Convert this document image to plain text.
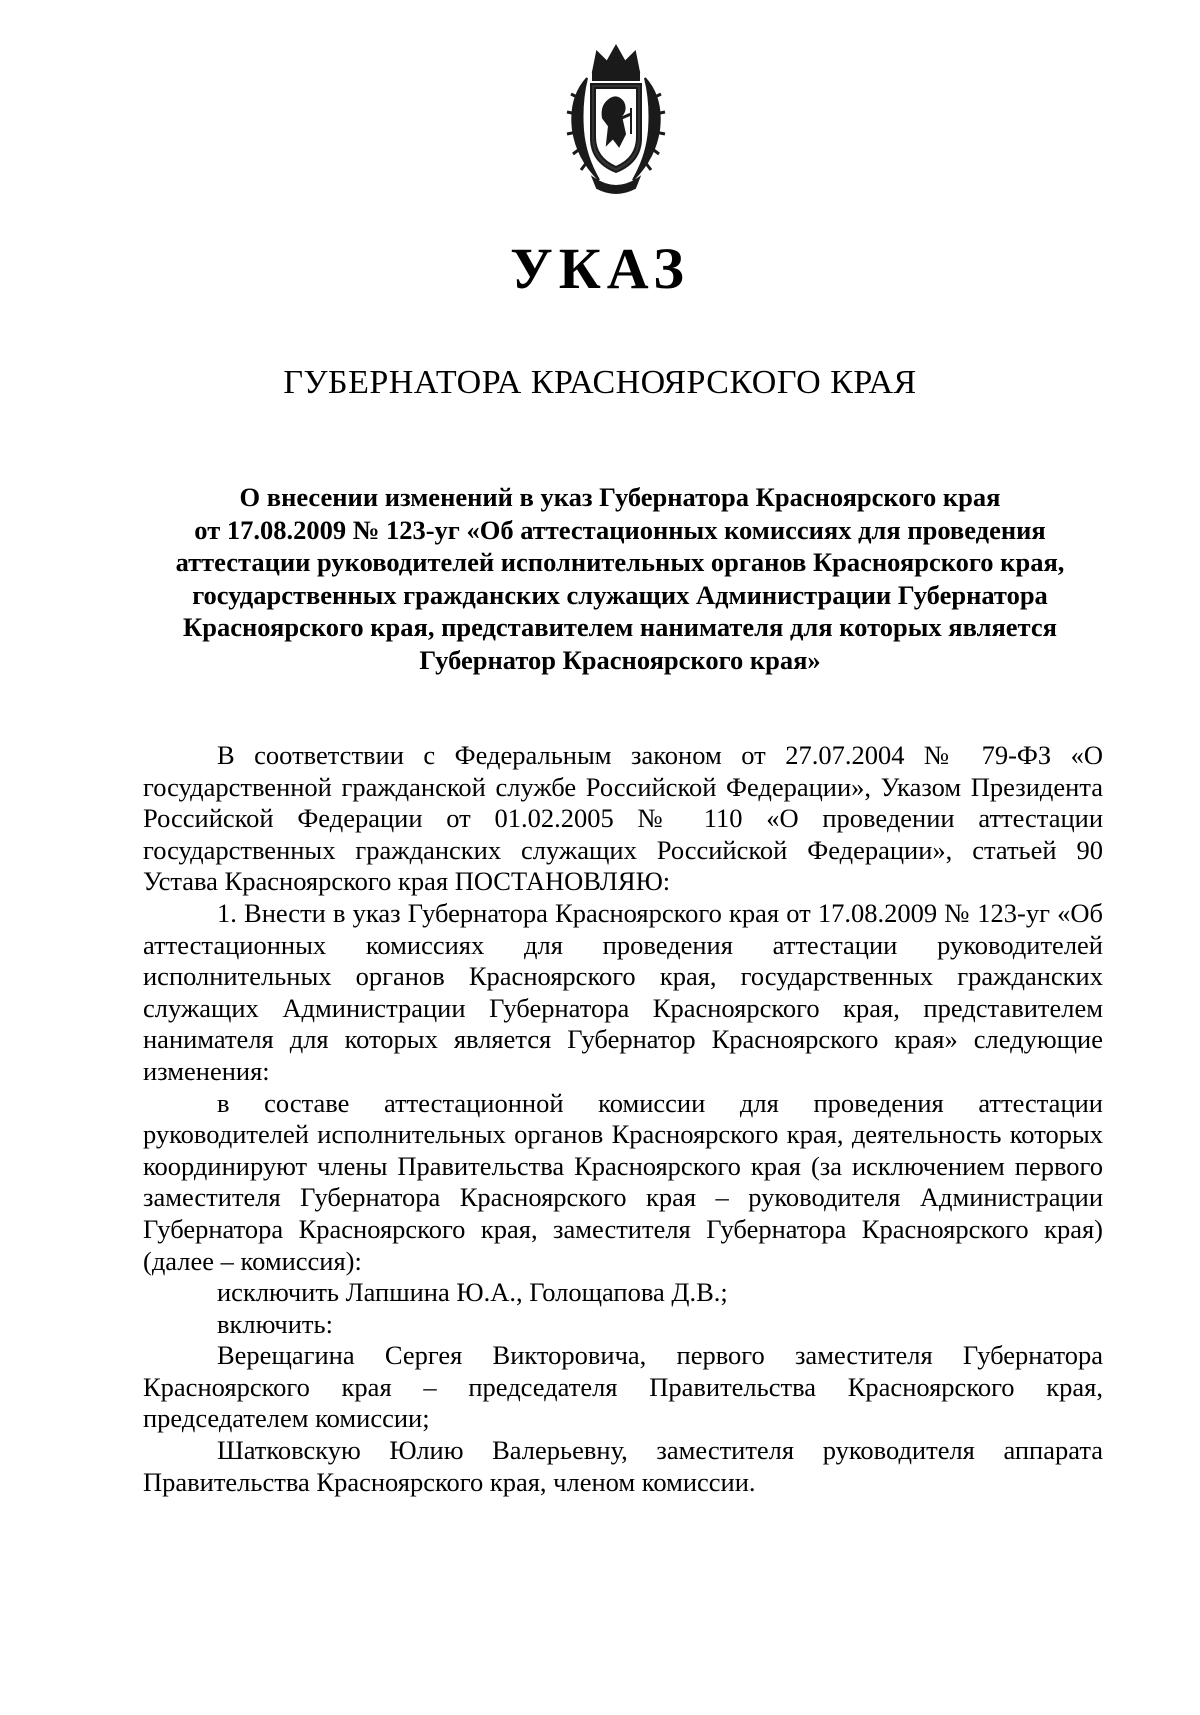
УКАЗ
ГУБЕРНАТОРА КРАСНОЯРСКОГО КРАЯ
О внесении изменений в указ Губернатора Красноярского края
от 17.08.2009 № 123-уг «Об аттестационных комиссиях для проведения
аттестации руководителей исполнительных органов Красноярского края,
государственных гражданских служащих Администрации Губернатора
Красноярского края, представителем нанимателя для которых является
Губернатор Красноярского края»

В соответствии с Федеральным законом от 27.07.2004 № 79-ФЗ «О государственной гражданской службе Российской Федерации», Указом Президента Российской Федерации от 01.02.2005 № 110 «О проведении аттестации государственных гражданских служащих Российской Федерации», статьей 90 Устава Красноярского края ПОСТАНОВЛЯЮ:

1. Внести в указ Губернатора Красноярского края от 17.08.2009 № 123-уг «Об аттестационных комиссиях для проведения аттестации руководителей исполнительных органов Красноярского края, государственных гражданских служащих Администрации Губернатора Красноярского края, представителем нанимателя для которых является Губернатор Красноярского края» следующие изменения:

в составе аттестационной комиссии для проведения аттестации руководителей исполнительных органов Красноярского края, деятельность которых координируют члены Правительства Красноярского края (за исключением первого заместителя Губернатора Красноярского края – руководителя Администрации Губернатора Красноярского края, заместителя Губернатора Красноярского края) (далее – комиссия):

исключить Лапшина Ю.А., Голощапова Д.В.;

включить:

Верещагина Сергея Викторовича, первого заместителя Губернатора Красноярского края – председателя Правительства Красноярского края, председателем комиссии;

Шатковскую Юлию Валерьевну, заместителя руководителя аппарата Правительства Красноярского края, членом комиссии.
